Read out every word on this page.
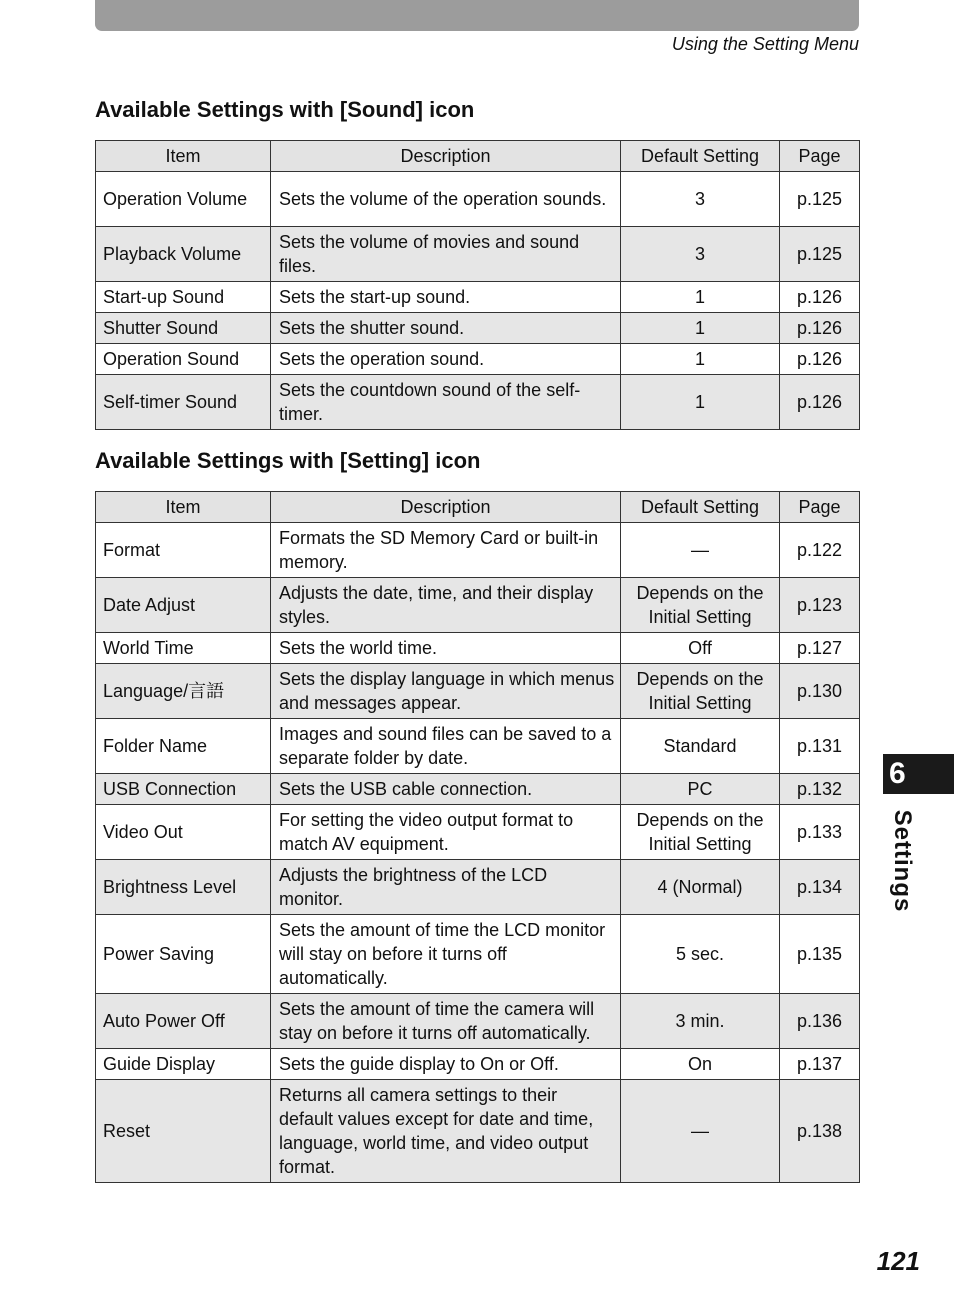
Using the Setting Menu
Available Settings with [Sound] icon
Item	Description	Default Setting	Page
Operation Volume	Sets the volume of the operation sounds.	3	p.125
Playback Volume	Sets the volume of movies and sound files.	3	p.125
Start-up Sound	Sets the start-up sound.	1	p.126
Shutter Sound	Sets the shutter sound.	1	p.126
Operation Sound	Sets the operation sound.	1	p.126
Self-timer Sound	Sets the countdown sound of the self-timer.	1	p.126
Available Settings with [Setting] icon
Item	Description	Default Setting	Page
Format	Formats the SD Memory Card or built-in memory.	—	p.122
Date Adjust	Adjusts the date, time, and their display styles.	Depends on the Initial Setting	p.123
World Time	Sets the world time.	Off	p.127
Language/言語	Sets the display language in which menus and messages appear.	Depends on the Initial Setting	p.130
Folder Name	Images and sound files can be saved to a separate folder by date.	Standard	p.131
USB Connection	Sets the USB cable connection.	PC	p.132
Video Out	For setting the video output format to match AV equipment.	Depends on the Initial Setting	p.133
Brightness Level	Adjusts the brightness of the LCD monitor.	4 (Normal)	p.134
Power Saving	Sets the amount of time the LCD monitor will stay on before it turns off automatically.	5 sec.	p.135
Auto Power Off	Sets the amount of time the camera will stay on before it turns off automatically.	3 min.	p.136
Guide Display	Sets the guide display to On or Off.	On	p.137
Reset	Returns all camera settings to their default values except for date and time, language, world time, and video output format.	—	p.138
6
Settings
121
